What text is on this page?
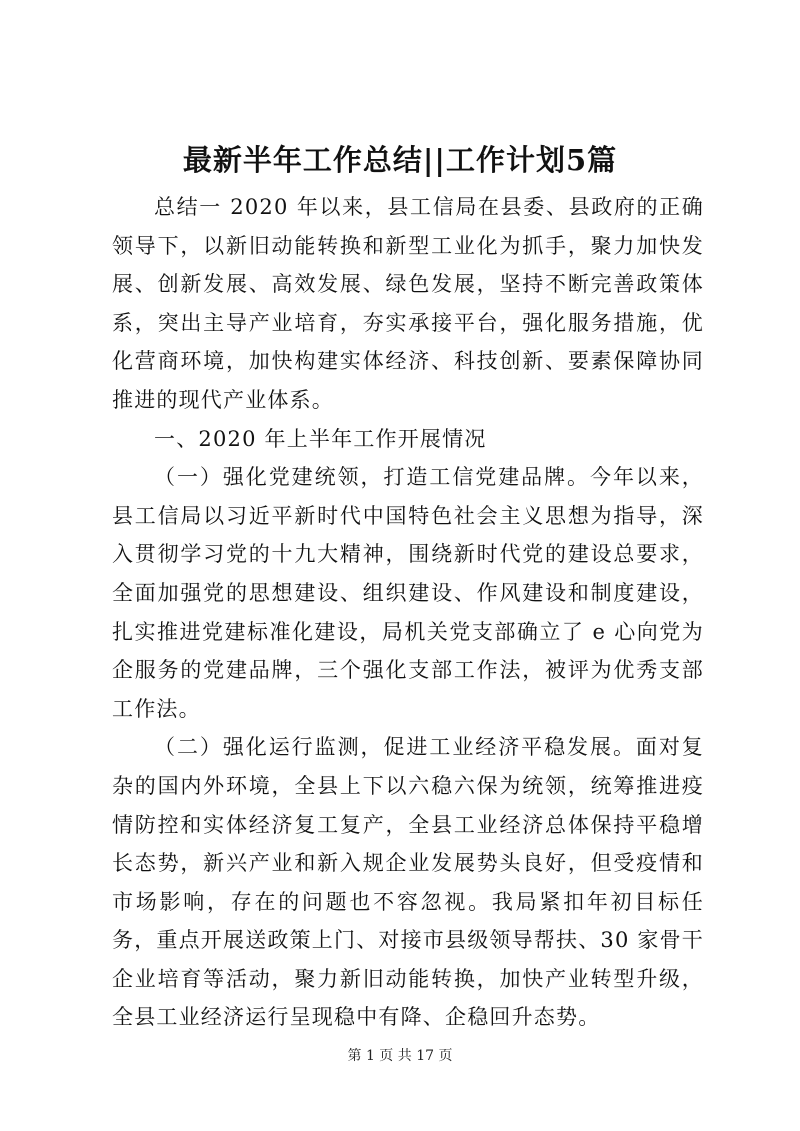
最新半年工作总结||工作计划5篇

总结一 2020 年以来，县工信局在县委、县政府的正确领导下，以新旧动能转换和新型工业化为抓手，聚力加快发展、创新发展、高效发展、绿色发展，坚持不断完善政策体系，突出主导产业培育，夯实承接平台，强化服务措施，优化营商环境，加快构建实体经济、科技创新、要素保障协同推进的现代产业体系。

一、2020 年上半年工作开展情况

（一）强化党建统领，打造工信党建品牌。今年以来，县工信局以习近平新时代中国特色社会主义思想为指导，深入贯彻学习党的十九大精神，围绕新时代党的建设总要求，全面加强党的思想建设、组织建设、作风建设和制度建设，扎实推进党建标准化建设，局机关党支部确立了 e 心向党为企服务的党建品牌，三个强化支部工作法，被评为优秀支部工作法。

（二）强化运行监测，促进工业经济平稳发展。面对复杂的国内外环境，全县上下以六稳六保为统领，统筹推进疫情防控和实体经济复工复产，全县工业经济总体保持平稳增长态势，新兴产业和新入规企业发展势头良好，但受疫情和市场影响，存在的问题也不容忽视。我局紧扣年初目标任务，重点开展送政策上门、对接市县级领导帮扶、30 家骨干企业培育等活动，聚力新旧动能转换，加快产业转型升级，全县工业经济运行呈现稳中有降、企稳回升态势。

第 1 页 共 17 页
